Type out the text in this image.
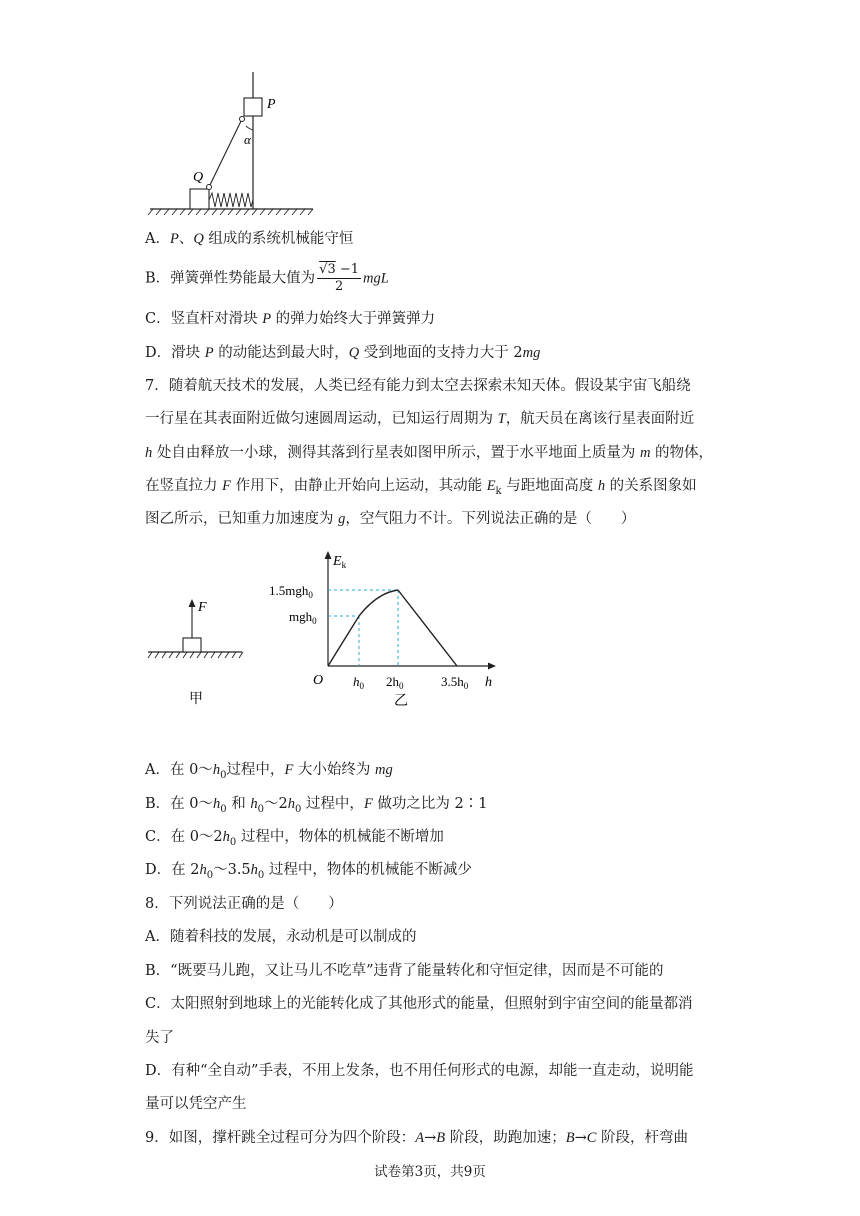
P
Q
α
A．P、Q 组成的系统机械能守恒
B．弹簧弹性势能最大值为 $\frac{√3 -1}{2}$ mgL
C．竖直杆对滑块 P 的弹力始终大于弹簧弹力
D．滑块 P 的动能达到最大时，Q 受到地面的支持力大于 2mg
7．随着航天技术的发展，人类已经有能力到太空去探索未知天体。假设某宇宙飞船绕
一行星在其表面附近做匀速圆周运动，已知运行周期为 T，航天员在离该行星表面附近
h 处自由释放一小球，测得其落到行星表如图甲所示，置于水平地面上质量为 m 的物体，
在竖直拉力 F 作用下，由静止开始向上运动，其动能 $E_k$ 与距地面高度 h 的关系图象如
图乙所示，已知重力加速度为 g，空气阻力不计。下列说法正确的是（　　）
F
甲
$E_k$
1.5mgh$_0$
mgh$_0$
O $h_0$ $2h_0$	$3.5h_0$ h
乙
A．在 $0\sim h_0$过程中，F 大小始终为 mg
B．在 $0\sim h_0$ 和 $h_0\sim 2h_0$ 过程中，F 做功之比为 2∶1
C．在 $0\sim 2h_0$ 过程中，物体的机械能不断增加
D．在 $2h_0\sim 3.5h_0$ 过程中，物体的机械能不断减少
8．下列说法正确的是（　　）
A．随着科技的发展，永动机是可以制成的
B．“既要马儿跑，又让马儿不吃草”违背了能量转化和守恒定律，因而是不可能的
C．太阳照射到地球上的光能转化成了其他形式的能量，但照射到宇宙空间的能量都消
失了
D．有种“全自动”手表，不用上发条，也不用任何形式的电源，却能一直走动，说明能
量可以凭空产生
9．如图，撑杆跳全过程可分为四个阶段：A→B 阶段，助跑加速；B→C 阶段，杆弯曲
试卷第3页，共9页
